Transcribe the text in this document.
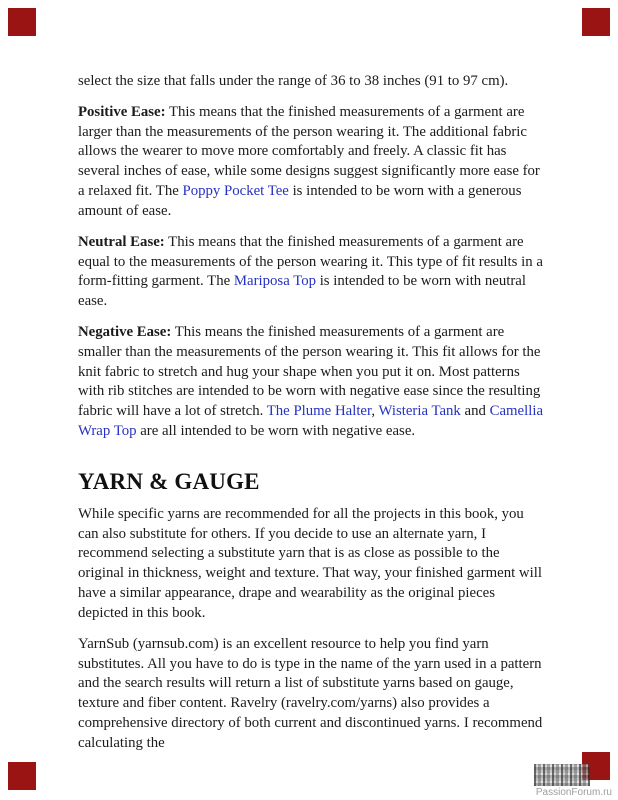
select the size that falls under the range of 36 to 38 inches (91 to 97 cm).

Positive Ease: This means that the finished measurements of a garment are larger than the measurements of the person wearing it. The additional fabric allows the wearer to move more comfortably and freely. A classic fit has several inches of ease, while some designs suggest significantly more ease for a relaxed fit. The Poppy Pocket Tee is intended to be worn with a generous amount of ease.

Neutral Ease: This means that the finished measurements of a garment are equal to the measurements of the person wearing it. This type of fit results in a form-fitting garment. The Mariposa Top is intended to be worn with neutral ease.

Negative Ease: This means the finished measurements of a garment are smaller than the measurements of the person wearing it. This fit allows for the knit fabric to stretch and hug your shape when you put it on. Most patterns with rib stitches are intended to be worn with negative ease since the resulting fabric will have a lot of stretch. The Plume Halter, Wisteria Tank and Camellia Wrap Top are all intended to be worn with negative ease.

YARN & GAUGE

While specific yarns are recommended for all the projects in this book, you can also substitute for others. If you decide to use an alternate yarn, I recommend selecting a substitute yarn that is as close as possible to the original in thickness, weight and texture. That way, your finished garment will have a similar appearance, drape and wearability as the original pieces depicted in this book.

YarnSub (yarnsub.com) is an excellent resource to help you find yarn substitutes. All you have to do is type in the name of the yarn used in a pattern and the search results will return a list of substitute yarns based on gauge, texture and fiber content. Ravelry (ravelry.com/yarns) also provides a comprehensive directory of both current and discontinued yarns. I recommend calculating the

PassionForum.ru
